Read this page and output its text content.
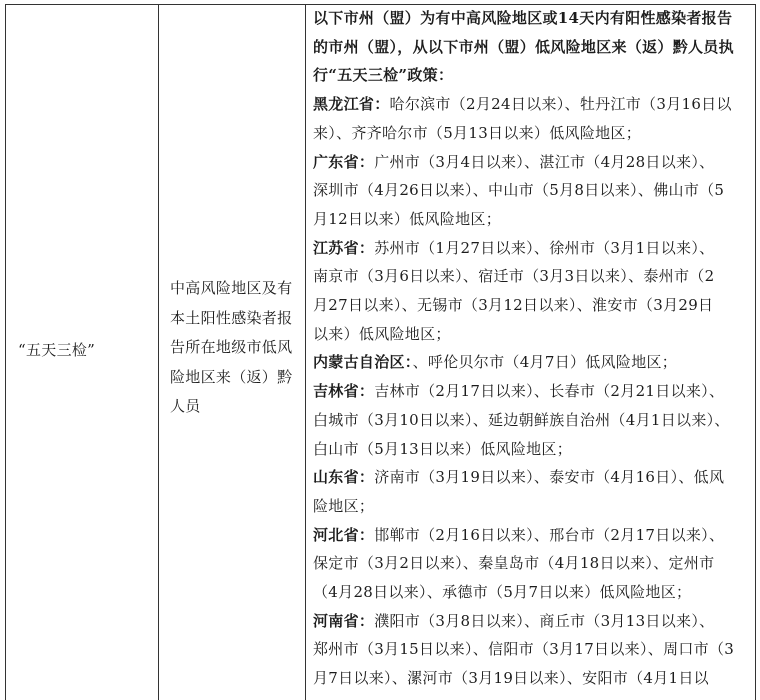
“五天三检”
中高风险地区及有
本土阳性感染者报
告所在地级市低风
险地区来（返）黔
人员
以下市州（盟）为有中高风险地区或14天内有阳性感染者报告
的市州（盟），从以下市州（盟）低风险地区来（返）黔人员执
行“五天三检”政策：
黑龙江省：哈尔滨市（2月24日以来）、牡丹江市（3月16日以
来）、齐齐哈尔市（5月13日以来）低风险地区；
广东省：广州市（3月4日以来）、湛江市（4月28日以来）、
深圳市（4月26日以来）、中山市（5月8日以来）、佛山市（5
月12日以来）低风险地区；
江苏省：苏州市（1月27日以来）、徐州市（3月1日以来）、
南京市（3月6日以来）、宿迁市（3月3日以来）、泰州市（2
月27日以来）、无锡市（3月12日以来）、淮安市（3月29日
以来）低风险地区；
内蒙古自治区：、呼伦贝尔市（4月7日）低风险地区；
吉林省：吉林市（2月17日以来）、长春市（2月21日以来）、
白城市（3月10日以来）、延边朝鲜族自治州（4月1日以来）、
白山市（5月13日以来）低风险地区；
山东省：济南市（3月19日以来）、泰安市（4月16日）、低风
险地区；
河北省：邯郸市（2月16日以来）、邢台市（2月17日以来）、
保定市（3月2日以来）、秦皇岛市（4月18日以来）、定州市
（4月28日以来）、承德市（5月7日以来）低风险地区；
河南省：濮阳市（3月8日以来）、商丘市（3月13日以来）、
郑州市（3月15日以来）、信阳市（3月17日以来）、周口市（3
月7日以来）、漯河市（3月19日以来）、安阳市（4月1日以
